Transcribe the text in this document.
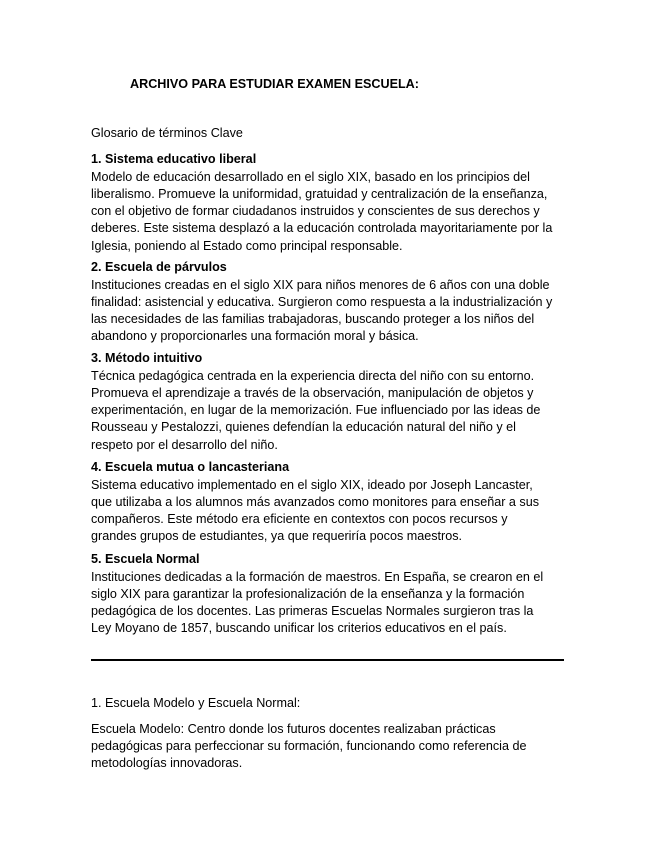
ARCHIVO PARA ESTUDIAR EXAMEN ESCUELA:
Glosario de términos Clave
1. Sistema educativo liberal
Modelo de educación desarrollado en el siglo XIX, basado en los principios del
liberalismo. Promueve la uniformidad, gratuidad y centralización de la enseñanza,
con el objetivo de formar ciudadanos instruidos y conscientes de sus derechos y
deberes. Este sistema desplazó a la educación controlada mayoritariamente por la
Iglesia, poniendo al Estado como principal responsable.
2. Escuela de párvulos
Instituciones creadas en el siglo XIX para niños menores de 6 años con una doble
finalidad: asistencial y educativa. Surgieron como respuesta a la industrialización y
las necesidades de las familias trabajadoras, buscando proteger a los niños del
abandono y proporcionarles una formación moral y básica.
3. Método intuitivo
Técnica pedagógica centrada en la experiencia directa del niño con su entorno.
Promueva el aprendizaje a través de la observación, manipulación de objetos y
experimentación, en lugar de la memorización. Fue influenciado por las ideas de
Rousseau y Pestalozzi, quienes defendían la educación natural del niño y el
respeto por el desarrollo del niño.
4. Escuela mutua o lancasteriana
Sistema educativo implementado en el siglo XIX, ideado por Joseph Lancaster,
que utilizaba a los alumnos más avanzados como monitores para enseñar a sus
compañeros. Este método era eficiente en contextos con pocos recursos y
grandes grupos de estudiantes, ya que requeriría pocos maestros.
5. Escuela Normal
Instituciones dedicadas a la formación de maestros. En España, se crearon en el
siglo XIX para garantizar la profesionalización de la enseñanza y la formación
pedagógica de los docentes. Las primeras Escuelas Normales surgieron tras la
Ley Moyano de 1857, buscando unificar los criterios educativos en el país.
1. Escuela Modelo y Escuela Normal:
Escuela Modelo: Centro donde los futuros docentes realizaban prácticas
pedagógicas para perfeccionar su formación, funcionando como referencia de
metodologías innovadoras.
